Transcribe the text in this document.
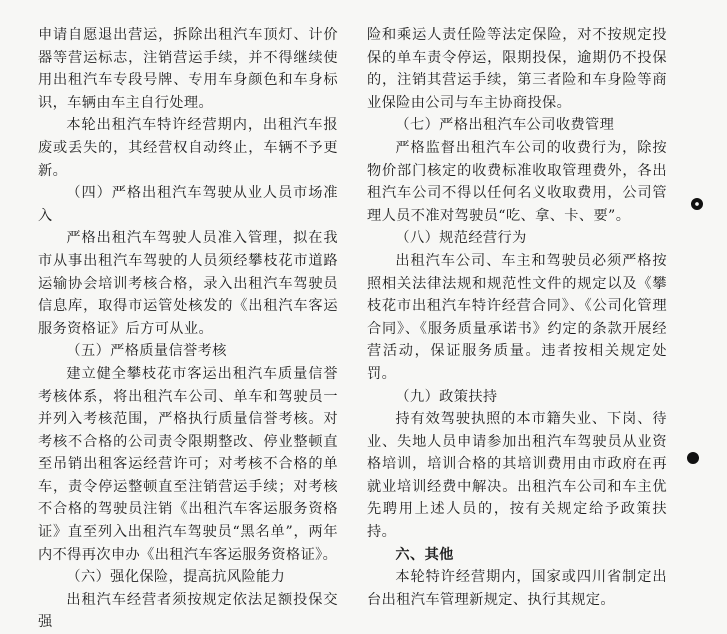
申请自愿退出营运，拆除出租汽车顶灯、计价器等营运标志，注销营运手续，并不得继续使用出租汽车专段号牌、专用车身颜色和车身标识，车辆由车主自行处理。

本轮出租汽车特许经营期内，出租汽车报废或丢失的，其经营权自动终止，车辆不予更新。

（四）严格出租汽车驾驶从业人员市场准入

严格出租汽车驾驶人员准入管理，拟在我市从事出租汽车驾驶的人员须经攀枝花市道路运输协会培训考核合格，录入出租汽车驾驶员信息库，取得市运管处核发的《出租汽车客运服务资格证》后方可从业。

（五）严格质量信誉考核

建立健全攀枝花市客运出租汽车质量信誉考核体系，将出租汽车公司、单车和驾驶员一并列入考核范围，严格执行质量信誉考核。对考核不合格的公司责令限期整改、停业整顿直至吊销出租客运经营许可；对考核不合格的单车，责令停运整顿直至注销营运手续；对考核不合格的驾驶员注销《出租汽车客运服务资格证》直至列入出租汽车驾驶员“黑名单”，两年内不得再次申办《出租汽车客运服务资格证》。

（六）强化保险，提高抗风险能力

出租汽车经营者须按规定依法足额投保交强

险和乘运人责任险等法定保险，对不按规定投保的单车责令停运，限期投保，逾期仍不投保的，注销其营运手续，第三者险和车身险等商业保险由公司与车主协商投保。

（七）严格出租汽车公司收费管理

严格监督出租汽车公司的收费行为，除按物价部门核定的收费标准收取管理费外，各出租汽车公司不得以任何名义收取费用，公司管理人员不准对驾驶员“吃、拿、卡、要”。

（八）规范经营行为

出租汽车公司、车主和驾驶员必须严格按照相关法律法规和规范性文件的规定以及《攀枝花市出租汽车特许经营合同》、《公司化管理合同》、《服务质量承诺书》约定的条款开展经营活动，保证服务质量。违者按相关规定处罚。

（九）政策扶持

持有效驾驶执照的本市籍失业、下岗、待业、失地人员申请参加出租汽车驾驶员从业资格培训，培训合格的其培训费用由市政府在再就业培训经费中解决。出租汽车公司和车主优先聘用上述人员的，按有关规定给予政策扶持。

六、其他

本轮特许经营期内，国家或四川省制定出台出租汽车管理新规定、执行其规定。
